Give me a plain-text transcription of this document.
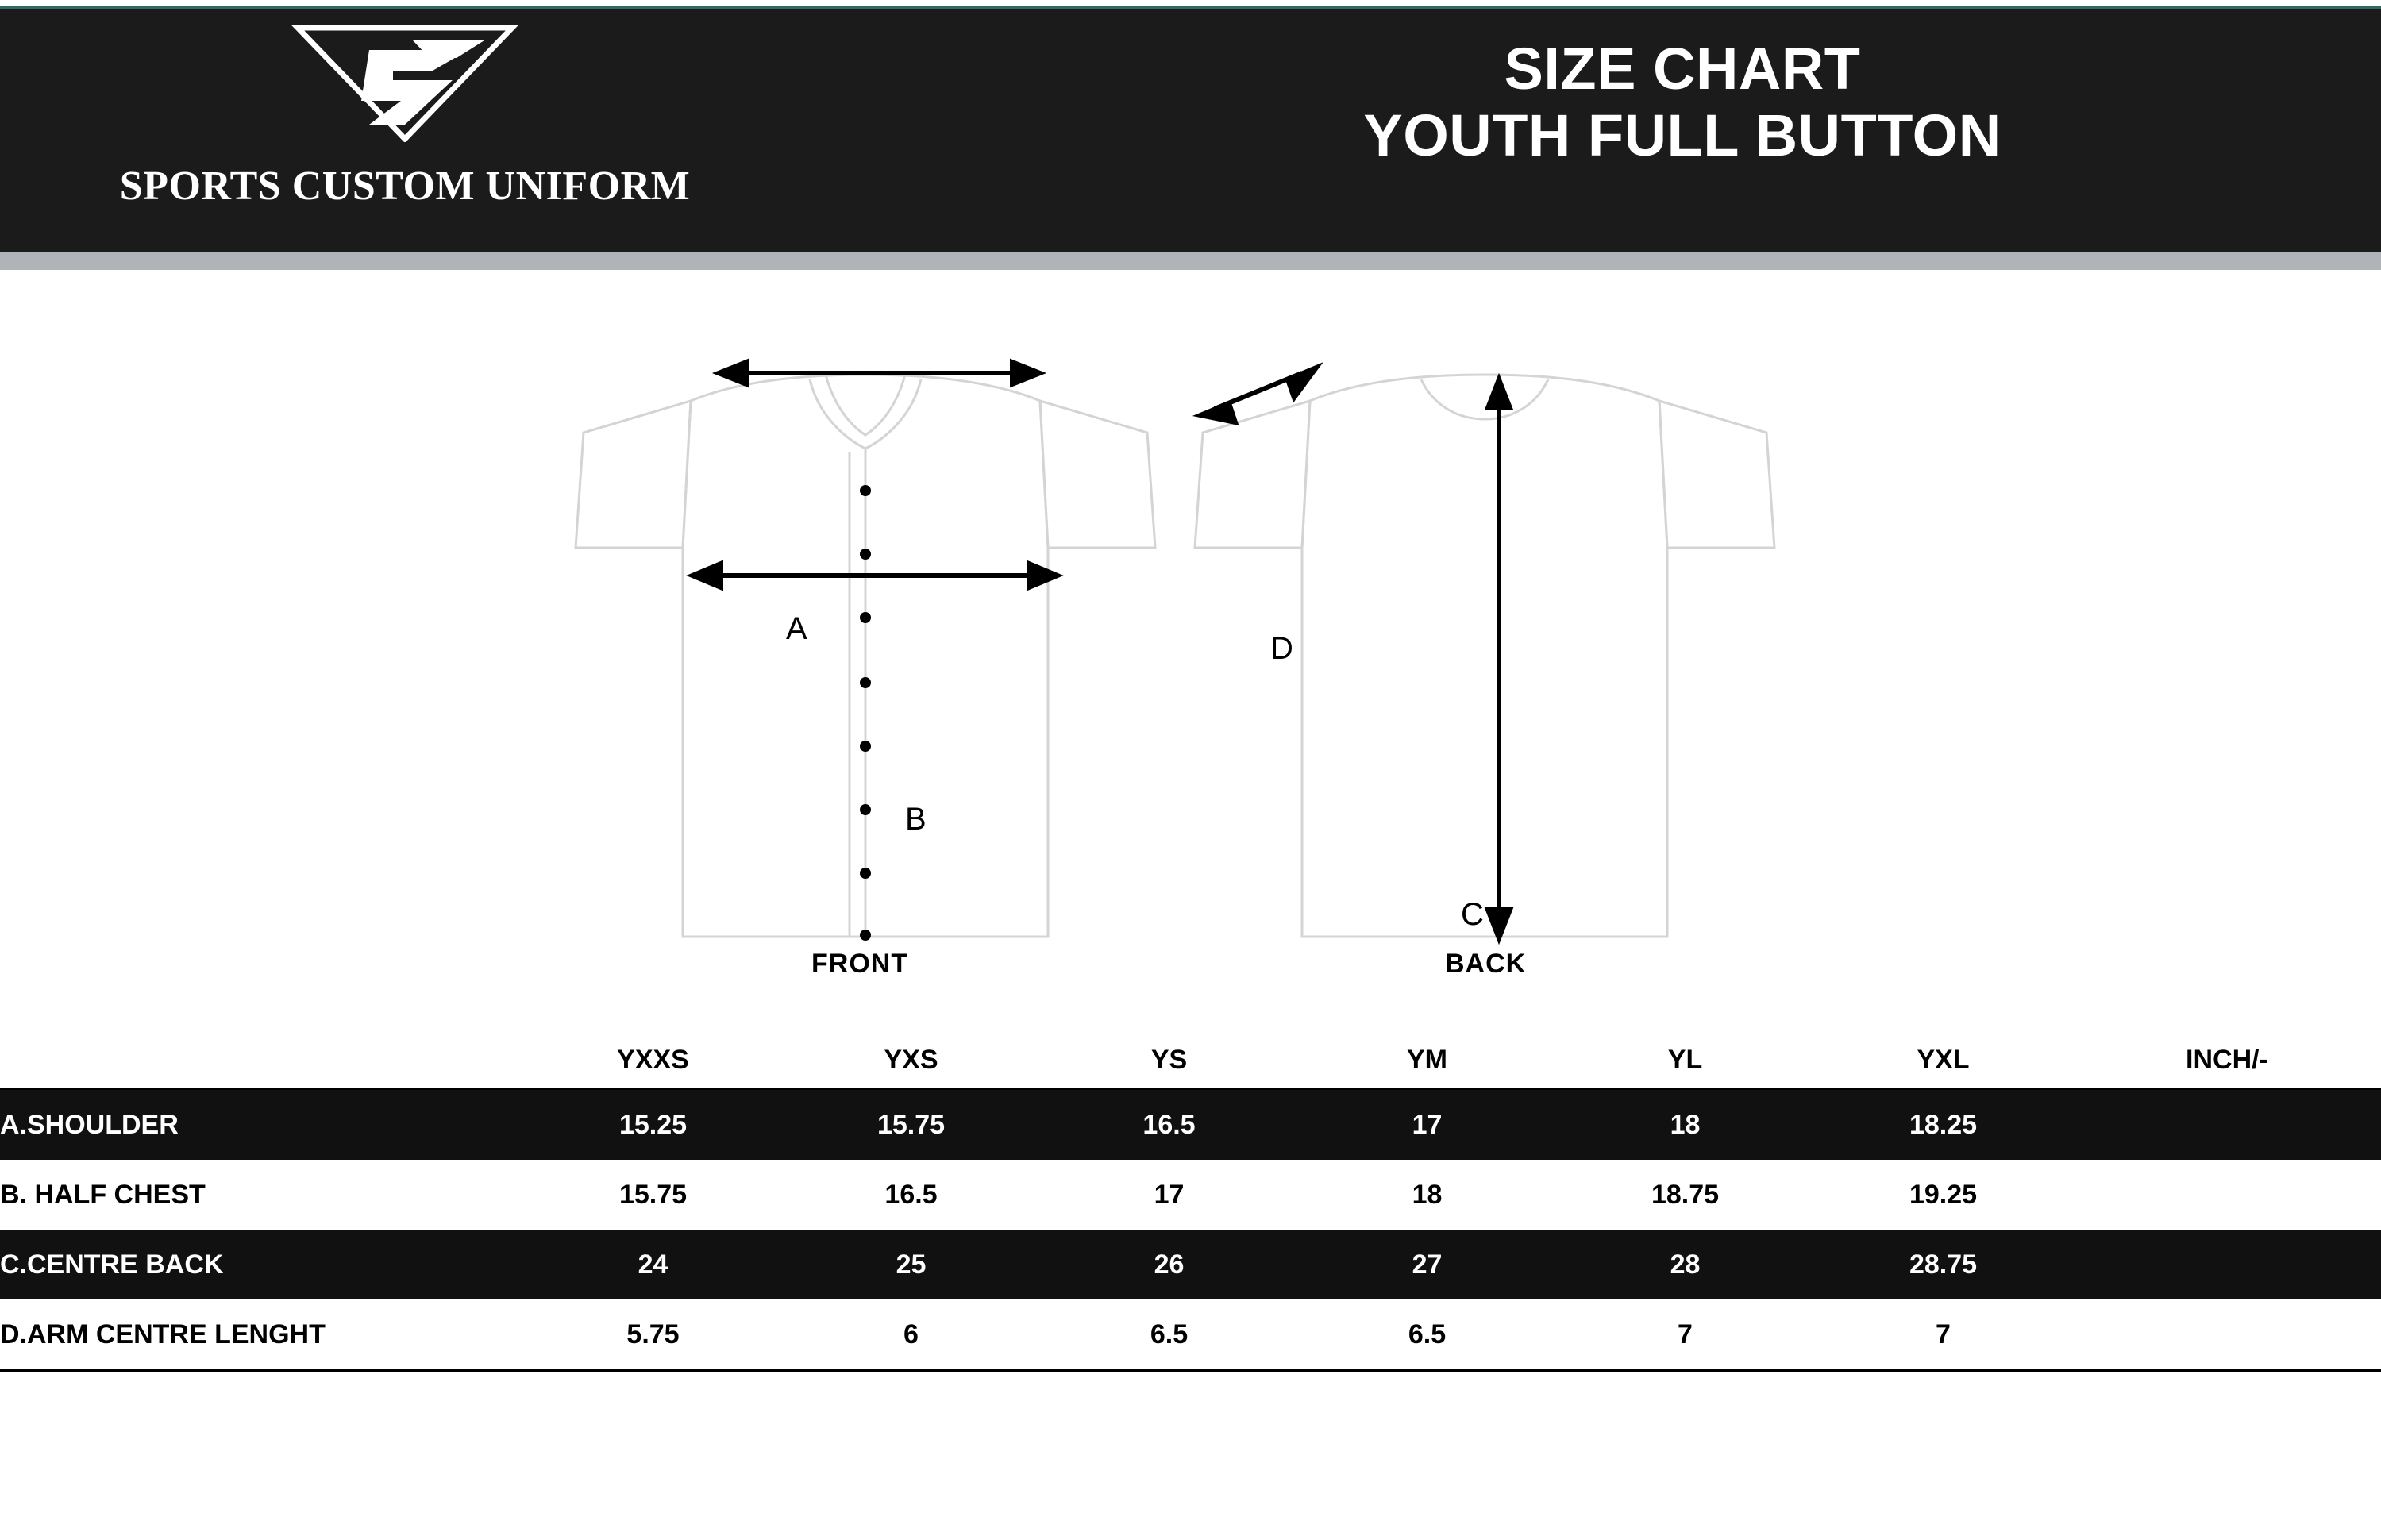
SPORTS CUSTOM UNIFORM
SIZE CHART
YOUTH FULL BUTTON
A
B
C
D
FRONT	BACK
	YXXS	YXS	YS	YM	YL	YXL	INCH/-
A.SHOULDER	15.25	15.75	16.5	17	18	18.25	
B. HALF CHEST	15.75	16.5	17	18	18.75	19.25	
C.CENTRE BACK	24	25	26	27	28	28.75	
D.ARM CENTRE LENGHT	5.75	6	6.5	6.5	7	7	
